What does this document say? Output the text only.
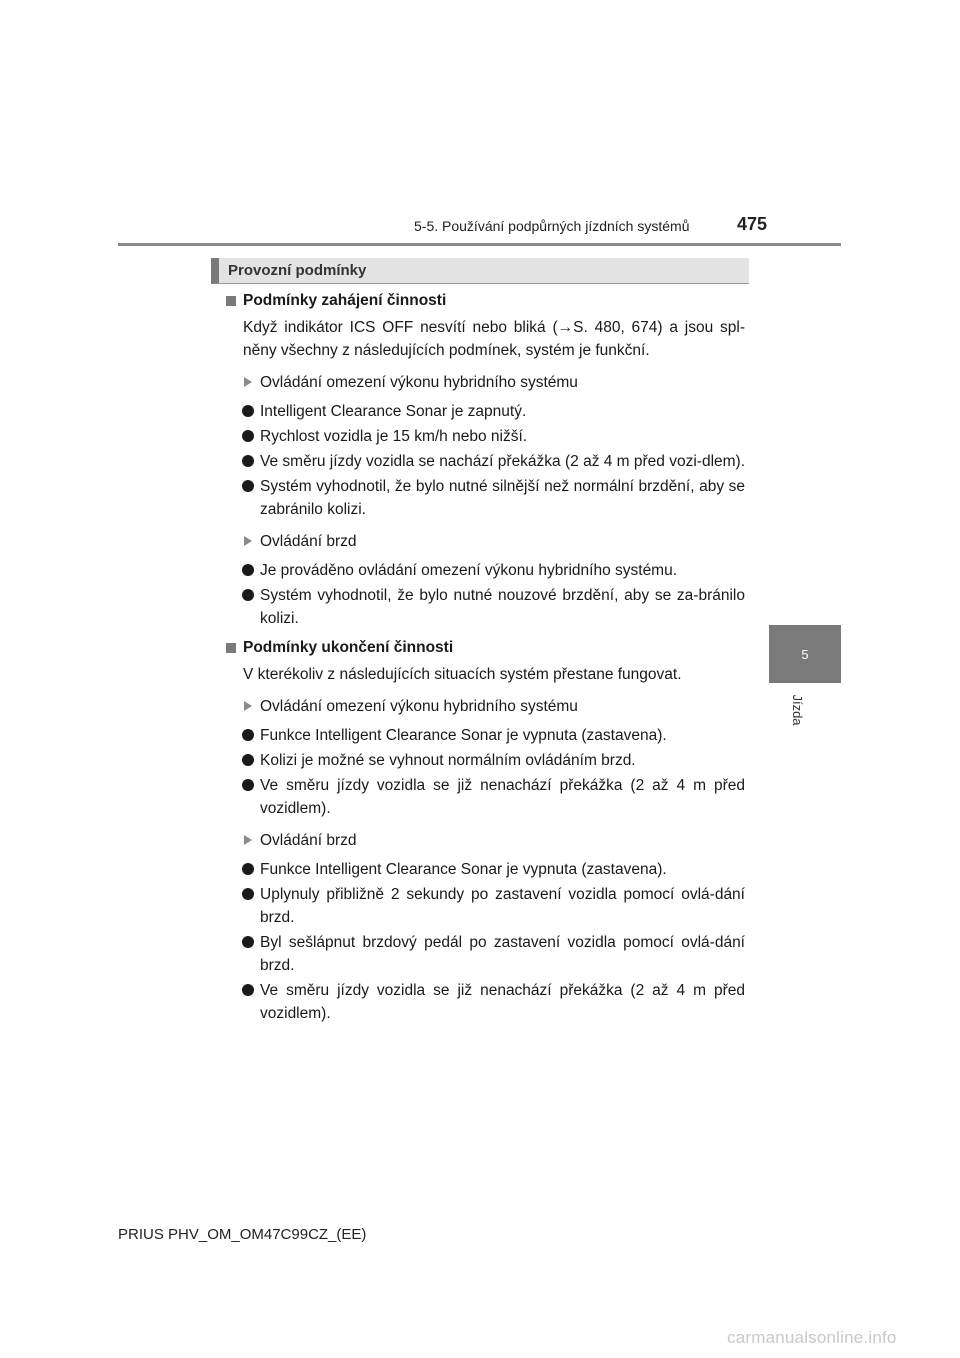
5-5. Používání podpůrných jízdních systémů	475
5
Jízda
Provozní podmínky
Podmínky zahájení činnosti
Když indikátor ICS OFF nesvítí nebo bliká (→S. 480, 674) a jsou spl-něny všechny z následujících podmínek, systém je funkční.
Ovládání omezení výkonu hybridního systému
Intelligent Clearance Sonar je zapnutý.
Rychlost vozidla je 15 km/h nebo nižší.
Ve směru jízdy vozidla se nachází překážka (2 až 4 m před vozi-dlem).
Systém vyhodnotil, že bylo nutné silnější než normální brzdění, aby se zabránilo kolizi.
Ovládání brzd
Je prováděno ovládání omezení výkonu hybridního systému.
Systém vyhodnotil, že bylo nutné nouzové brzdění, aby se za-bránilo kolizi.
Podmínky ukončení činnosti
V kterékoliv z následujících situacích systém přestane fungovat.
Ovládání omezení výkonu hybridního systému
Funkce Intelligent Clearance Sonar je vypnuta (zastavena).
Kolizi je možné se vyhnout normálním ovládáním brzd.
Ve směru jízdy vozidla se již nenachází překážka (2 až 4 m před vozidlem).
Ovládání brzd
Funkce Intelligent Clearance Sonar je vypnuta (zastavena).
Uplynuly přibližně 2 sekundy po zastavení vozidla pomocí ovlá-dání brzd.
Byl sešlápnut brzdový pedál po zastavení vozidla pomocí ovlá-dání brzd.
Ve směru jízdy vozidla se již nenachází překážka (2 až 4 m před vozidlem).
PRIUS PHV_OM_OM47C99CZ_(EE)
carmanualsonline.info
